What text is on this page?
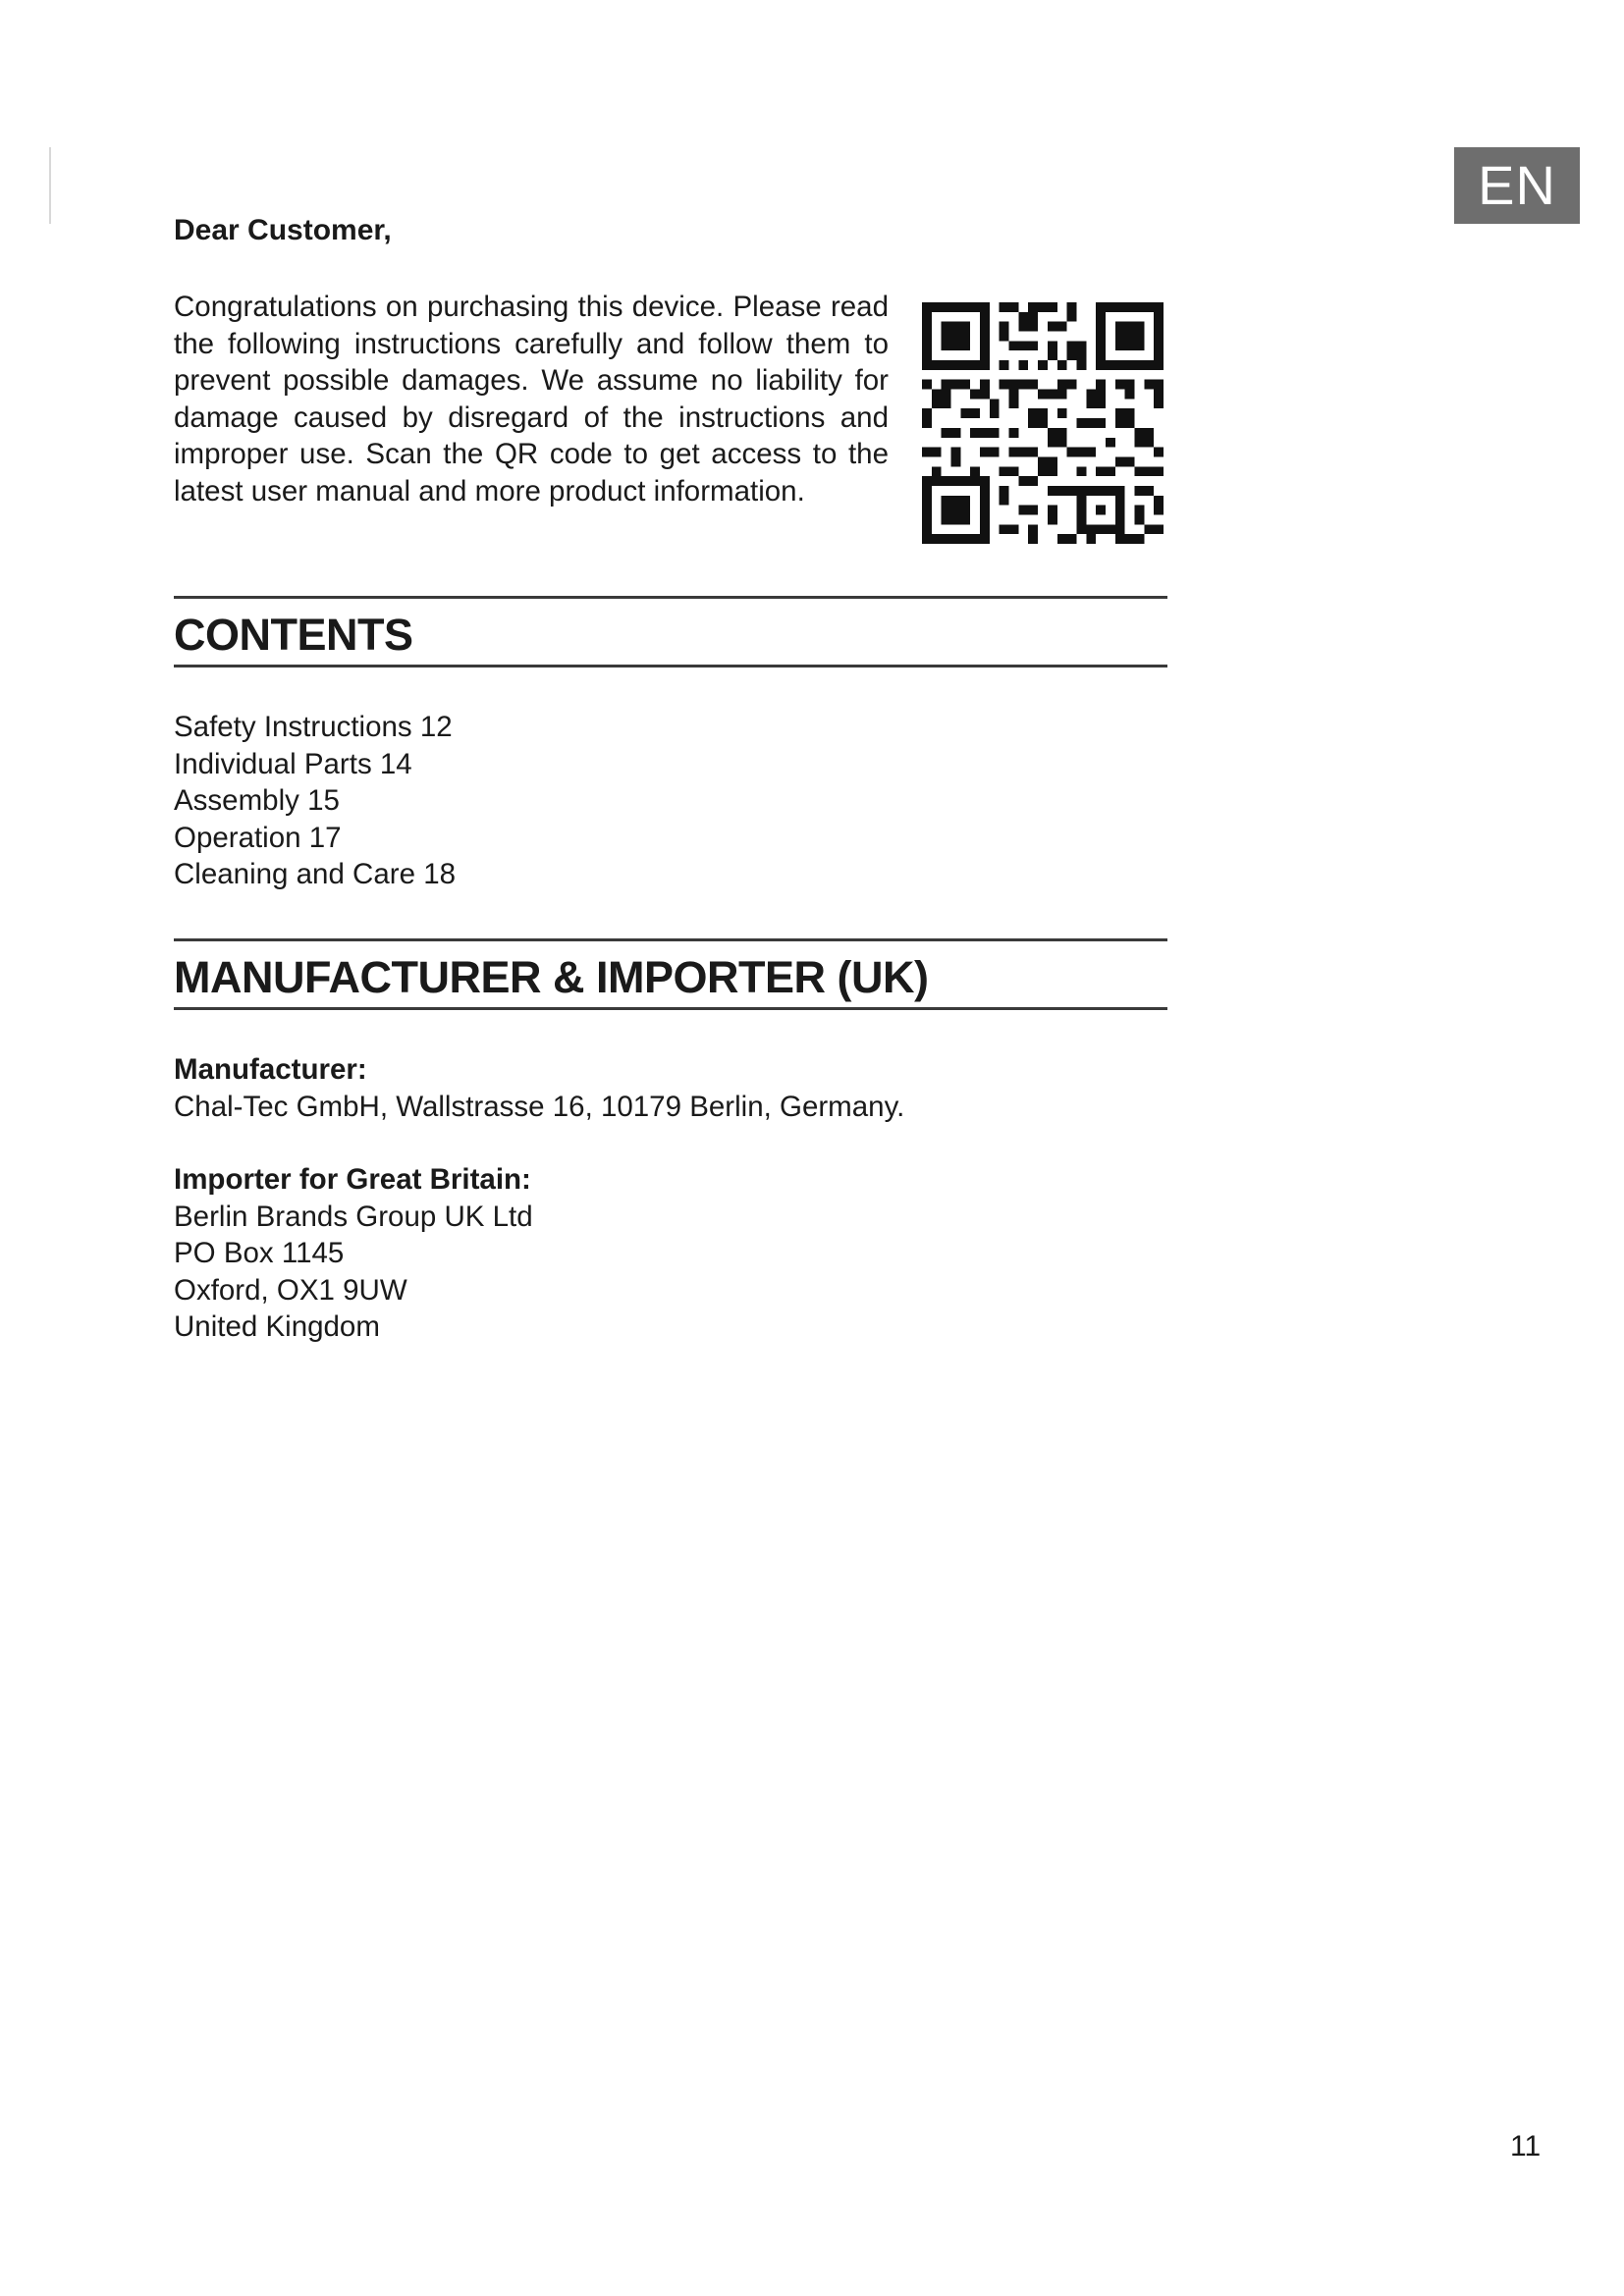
EN
Dear Customer,

Congratulations on purchasing this device. Please read the following instructions carefully and follow them to prevent possible damages. We assume no liability for damage caused by disregard of the instructions and improper use. Scan the QR code to get access to the latest user manual and more product information.

CONTENTS
Safety Instructions 12
Individual Parts 14
Assembly 15
Operation 17
Cleaning and Care 18
MANUFACTURER & IMPORTER (UK)
Manufacturer:
Chal-Tec GmbH, Wallstrasse 16, 10179 Berlin, Germany.
Importer for Great Britain:
Berlin Brands Group UK Ltd
PO Box 1145
Oxford, OX1 9UW
United Kingdom
11
